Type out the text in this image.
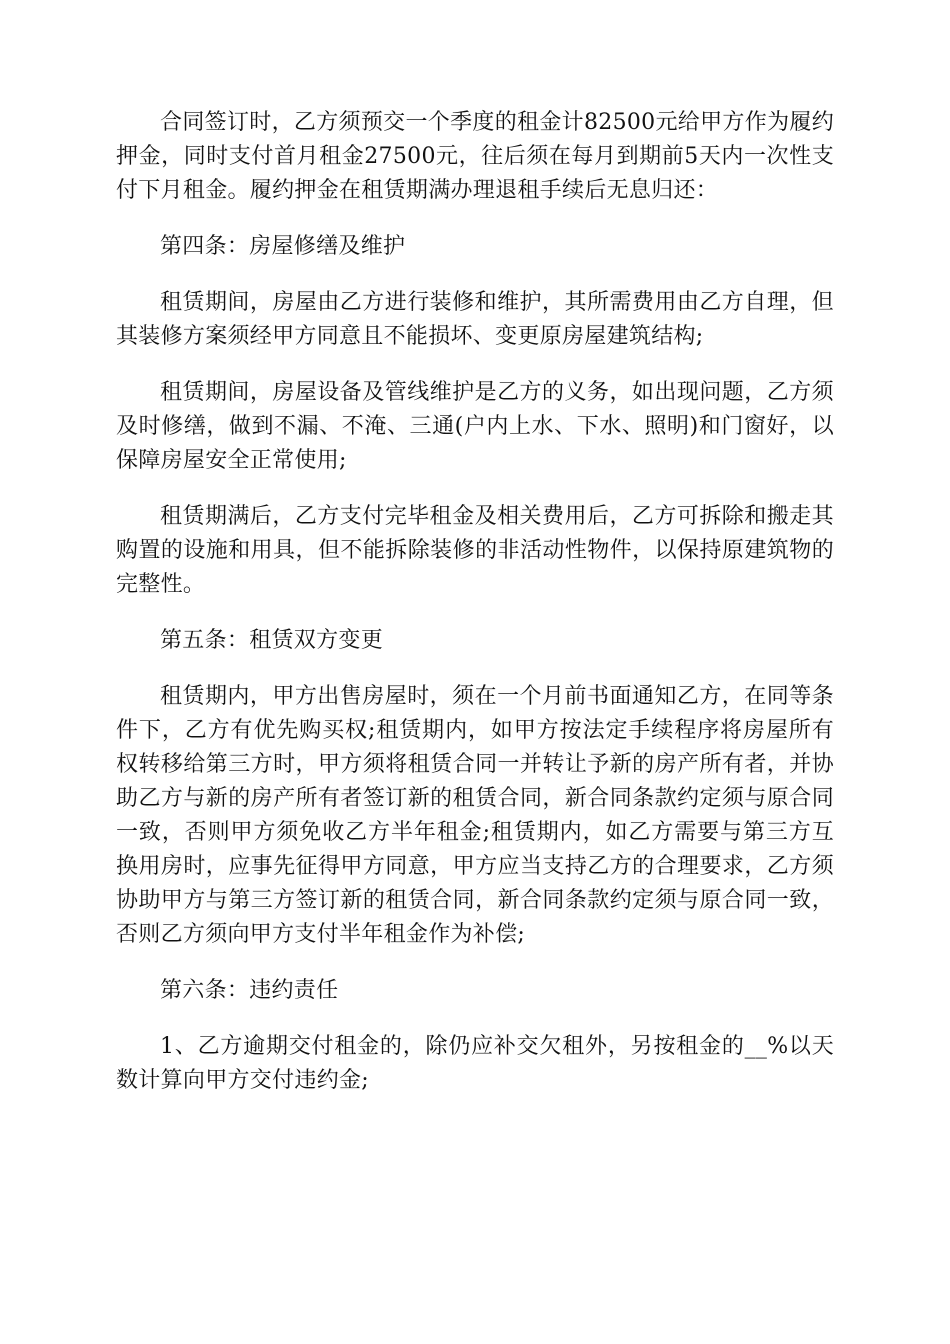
合同签订时，乙方须预交一个季度的租金计82500元给甲方作为履约押金，同时支付首月租金27500元，往后须在每月到期前5天内一次性支付下月租金。履约押金在租赁期满办理退租手续后无息归还：

第四条：房屋修缮及维护

租赁期间，房屋由乙方进行装修和维护，其所需费用由乙方自理，但其装修方案须经甲方同意且不能损坏、变更原房屋建筑结构;

租赁期间，房屋设备及管线维护是乙方的义务，如出现问题，乙方须及时修缮，做到不漏、不淹、三通(户内上水、下水、照明)和门窗好，以保障房屋安全正常使用;

租赁期满后，乙方支付完毕租金及相关费用后，乙方可拆除和搬走其购置的设施和用具，但不能拆除装修的非活动性物件，以保持原建筑物的完整性。

第五条：租赁双方变更

租赁期内，甲方出售房屋时，须在一个月前书面通知乙方，在同等条件下，乙方有优先购买权;租赁期内，如甲方按法定手续程序将房屋所有权转移给第三方时，甲方须将租赁合同一并转让予新的房产所有者，并协助乙方与新的房产所有者签订新的租赁合同，新合同条款约定须与原合同一致，否则甲方须免收乙方半年租金;租赁期内，如乙方需要与第三方互换用房时，应事先征得甲方同意，甲方应当支持乙方的合理要求，乙方须协助甲方与第三方签订新的租赁合同，新合同条款约定须与原合同一致，否则乙方须向甲方支付半年租金作为补偿;

第六条：违约责任

1、乙方逾期交付租金的，除仍应补交欠租外，另按租金的__%以天数计算向甲方交付违约金;
